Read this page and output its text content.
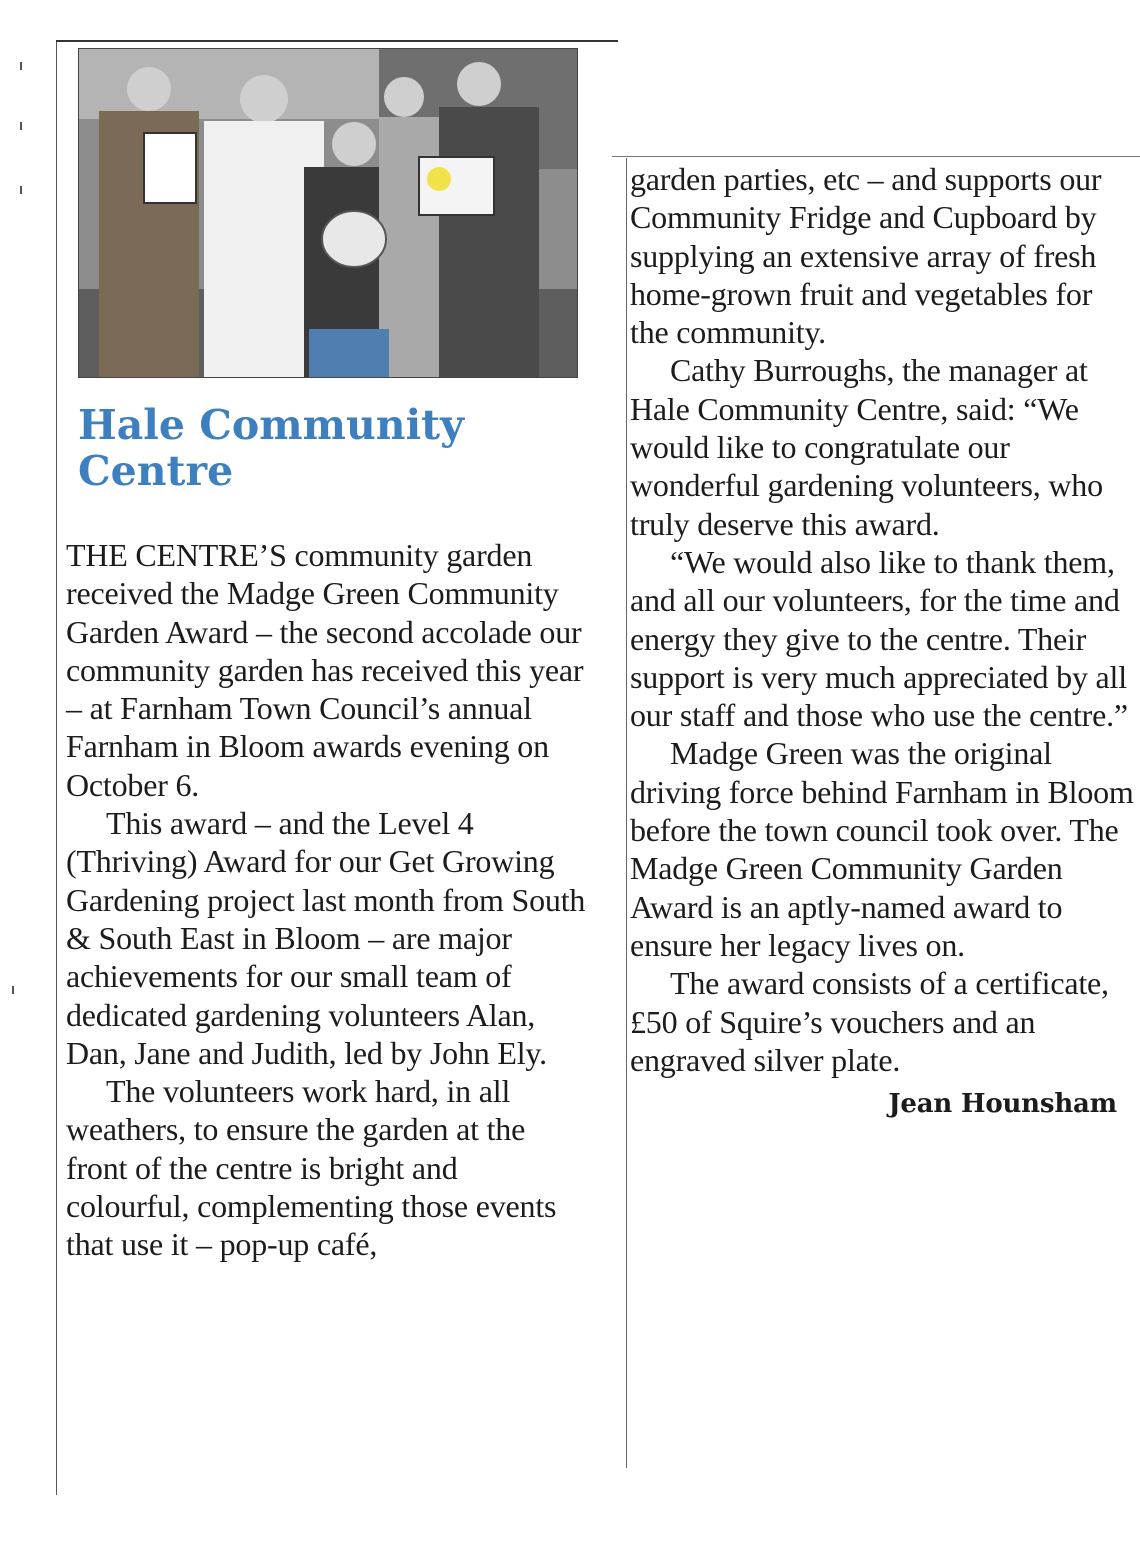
Hale Community Centre

THE CENTRE’S community garden received the Madge Green Community Garden Award – the second accolade our community garden has received this year – at Farnham Town Council’s annual Farnham in Bloom awards evening on October 6.

This award – and the Level 4 (Thriving) Award for our Get Growing Gardening project last month from South & South East in Bloom – are major achievements for our small team of dedicated gardening volunteers Alan, Dan, Jane and Judith, led by John Ely.

The volunteers work hard, in all weathers, to ensure the garden at the front of the centre is bright and colourful, complementing those events that use it – pop-up café,

garden parties, etc – and supports our Community Fridge and Cupboard by supplying an extensive array of fresh home-grown fruit and vegetables for the community.

Cathy Burroughs, the manager at Hale Community Centre, said: “We would like to congratulate our wonderful gardening volunteers, who truly deserve this award.

“We would also like to thank them, and all our volunteers, for the time and energy they give to the centre. Their support is very much appreciated by all our staff and those who use the centre.”

Madge Green was the original driving force behind Farnham in Bloom before the town council took over. The Madge Green Community Garden Award is an aptly-named award to ensure her legacy lives on.

The award consists of a certificate, £50 of Squire’s vouchers and an engraved silver plate.

Jean Hounsham
